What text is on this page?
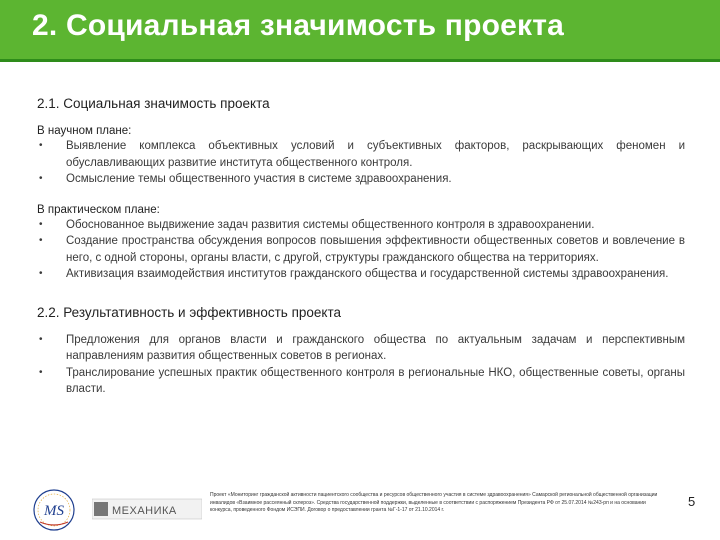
2. Социальная значимость проекта
2.1. Социальная значимость проекта
В научном плане:
• Выявление комплекса объективных условий и субъективных факторов, раскрывающих феномен и обуславливающих развитие института общественного контроля.
• Осмысление темы общественного участия в системе здравоохранения.
В практическом плане:
• Обоснованное выдвижение задач развития системы общественного контроля в здравоохранении.
• Создание пространства обсуждения вопросов повышения эффективности общественных советов и вовлечение в него, с одной стороны, органы власти, с другой, структуры гражданского общества на территориях.
• Активизация взаимодействия институтов гражданского общества и государственной системы здравоохранения.
2.2. Результативность и эффективность проекта
• Предложения для органов власти и гражданского общества по актуальным задачам и перспективным направлениям развития общественных советов в регионах.
• Транслирование успешных практик общественного контроля в региональные НКО, общественные советы, органы власти.
MS	МЕХАНИКА
Проект «Мониторинг гражданской активности пациентского сообщества и ресурсов общественного участия в системе здравоохранения» Самарской региональной общественной организации инвалидов «Взаимное рассеянный склероз». Средства государственной поддержки, выделенные в соответствии с распоряжением Президента РФ от 25.07.2014 №243-рп и на основании конкурса, проведенного Фондом ИСЭПИ. Договор о предоставлении гранта №Г-1-17 от 21.10.2014 г.
5
